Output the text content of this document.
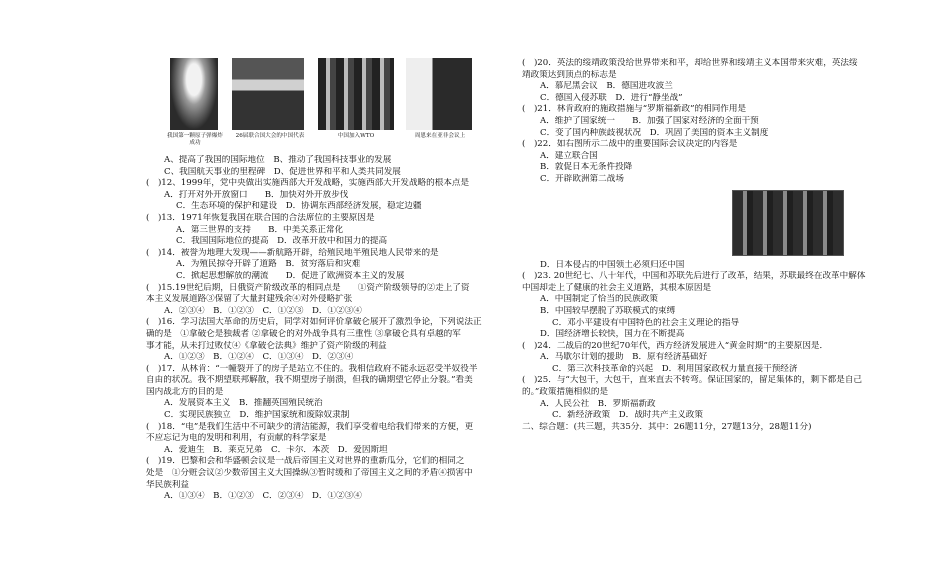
我国第一颗原子弹爆炸成功
26届联合国大会的中国代表	中国加入WTO	周恩来在亚非会议上
A、提高了我国的国际地位　B、推动了我国科技事业的发展
C、我国航天事业的里程碑　D、促进世界和平和人类共同发展
(　)12、1999年，党中央做出实施西部大开发战略，实施西部大开发战略的根本点是
A．打开对外开放窗口　　B．加快对外开放步伐
C．生态环境的保护和建设　D．协调东西部经济发展，稳定边疆
(　)13．1971年恢复我国在联合国的合法席位的主要原因是
A．第三世界的支持　　B．中美关系正常化
C．我国国际地位的提高　D．改革开放中和国力的提高
(　)14．被誉为地理大发现——新航路开辟，给殖民地半殖民地人民带来的是
A．为殖民掠夺开辟了道路　B．贫穷落后和灾难
C．掀起思想解放的潮流　　D．促进了欧洲资本主义的发展
(　)15.19世纪后期，日俄资产阶级改革的相同点是　　①资产阶级领导的②走上了资
本主义发展道路③保留了大量封建残余④对外侵略扩张
A．②③④　B．①②③　C．①②③　D．①②③④
(　)16．学习法国大革命的历史后，同学对如何评价拿破仑展开了激烈争论，下列说法正
确的是　①拿破仑是独裁者 ②拿破仑的对外战争具有三重性 ③拿破仑具有卓越的军
事才能，从未打过败仗④《拿破仑法典》维护了资产阶级的利益
A．①②③　B．①②④　C．①③④　D．②③④
(　)17．从林肯：“一幢裂开了的房子是站立不住的。我相信政府不能永远忍受半奴役半
自由的状况。我不期望联邦解散，我不期望房子崩溃，但我的确期望它停止分裂。”看美
国内战北方的目的是
A．发展资本主义　B．推翻英国殖民统治
C．实现民族独立　D．维护国家统和废除奴隶制
(　)18．“电”是我们生活中不可缺少的清洁能源，我们享受着电给我们带来的方便，更
不应忘记为电的发明和利用，有贡献的科学家是
A．爱迪生　B．莱克兄弟　C．卡尔．本茨　D．爱因斯坦
(　)19．巴黎和会和华盛顿会议是一战后帝国主义对世界的重新瓜分，它们的相同之
处是　①分赃会议②少数帝国主义大国操纵③暂时缓和了帝国主义之间的矛盾④损害中
华民族利益
A．①③④　B．①②③　C．②③④　D．①②③④
(　)20．英法的绥靖政策没给世界带来和平，却给世界和绥靖主义本国带来灾难，英法绥
靖政策达到顶点的标志是
A．慕尼黑会议　B．德国进攻波兰
C．德国入侵苏联　D．进行“静坐战”
(　)21．林肯政府的施政措施与“罗斯福新政”的相同作用是
A．维护了国家统一　　B．加强了国家对经济的全面干预
C．变了国内种族歧视状况　D．巩固了美国的资本主义制度
(　)22．如右图所示二战中的重要国际会议决定的内容是
A．建立联合国
B．敦促日本无条件投降
C．开辟欧洲第二战场
D．日本侵占的中国领土必须归还中国
(　)23. 20世纪七、八十年代，中国和苏联先后进行了改革，结果，苏联最终在改革中解体
中国却走上了健康的社会主义道路，其根本原因是
A．中国制定了恰当的民族政策
B．中国较早摆脱了苏联模式的束缚
C．邓小平建设有中国特色的社会主义理论的指导
D．国经济增长较快，国力在不断提高
(　)24．二战后的20世纪70年代，西方经济发展进入“黄金时期”的主要原因是．
A．马歇尔计划的援助　B．原有经济基础好
C．第三次科技革命的兴起　D．利用国家政权力量直接干预经济
(　)25．与“大包干，大包干，直来直去不转弯。保证国家的，留足集体的，剩下都是自己
的。”政策措施相似的是
A．人民公社　B．罗斯福新政
C．新经济政策　D．战时共产主义政策
二、综合题：(共三题，共35分．其中：26题11分，27题13分，28题11分)
